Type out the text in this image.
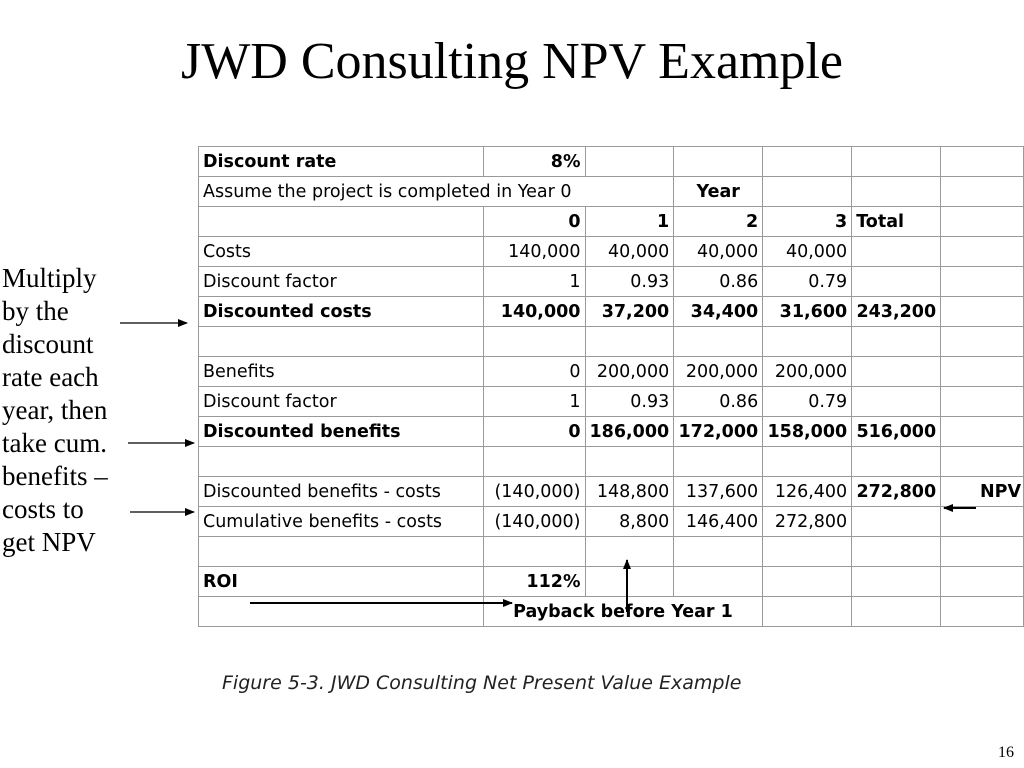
JWD Consulting NPV Example
Multiply
by the
discount
rate each
year, then
take cum.
benefits –
costs to
get NPV
Discount rate	8%					
Assume the project is completed in Year 0			Year			
	0	1	2	3	Total	
Costs	140,000	40,000	40,000	40,000		
Discount factor	1	0.93	0.86	0.79		
Discounted costs	140,000	37,200	34,400	31,600	243,200	

Benefits	0	200,000	200,000	200,000		
Discount factor	1	0.93	0.86	0.79		
Discounted benefits	0	186,000	172,000	158,000	516,000	

Discounted benefits - costs	(140,000)	148,800	137,600	126,400	272,800	NPV
Cumulative benefits - costs	(140,000)	8,800	146,400	272,800		

ROI	112%					
	Payback before Year 1					
Figure 5-3. JWD Consulting Net Present Value Example
16
